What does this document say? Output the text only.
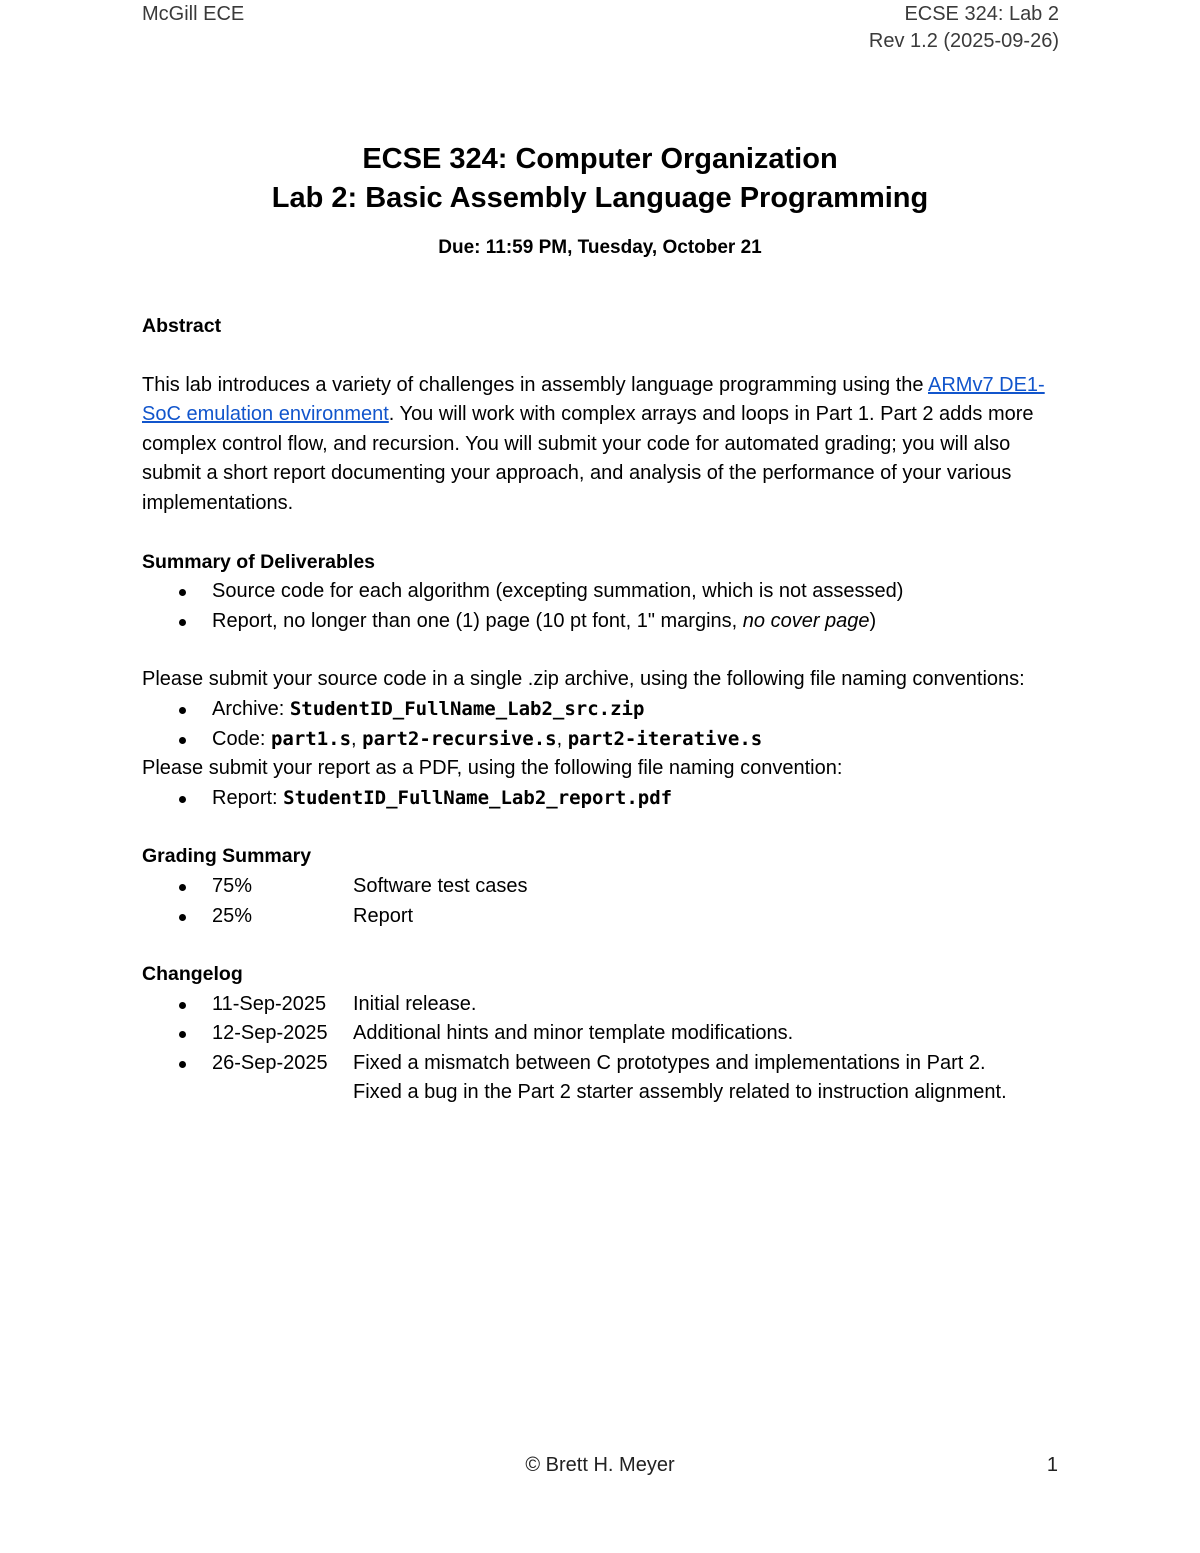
McGill ECE	ECSE 324: Lab 2
Rev 1.2 (2025-09-26)
ECSE 324: Computer Organization
Lab 2: Basic Assembly Language Programming
Due: 11:59 PM, Tuesday, October 21

Abstract

This lab introduces a variety of challenges in assembly language programming using the ARMv7 DE1-SoC emulation environment. You will work with complex arrays and loops in Part 1. Part 2 adds more complex control flow, and recursion. You will submit your code for automated grading; you will also submit a short report documenting your approach, and analysis of the performance of your various implementations.

Summary of Deliverables

Source code for each algorithm (excepting summation, which is not assessed)
Report, no longer than one (1) page (10 pt font, 1" margins, no cover page)

Please submit your source code in a single .zip archive, using the following file naming conventions:

Archive: StudentID_FullName_Lab2_src.zip
Code: part1.s, part2-recursive.s, part2-iterative.s

Please submit your report as a PDF, using the following file naming convention:

Report: StudentID_FullName_Lab2_report.pdf

Grading Summary

75%	Software test cases
25%	Report

Changelog

11-Sep-2025	Initial release.
12-Sep-2025	Additional hints and minor template modifications.
26-Sep-2025	Fixed a mismatch between C prototypes and implementations in Part 2.
Fixed a bug in the Part 2 starter assembly related to instruction alignment.
© Brett H. Meyer	1
